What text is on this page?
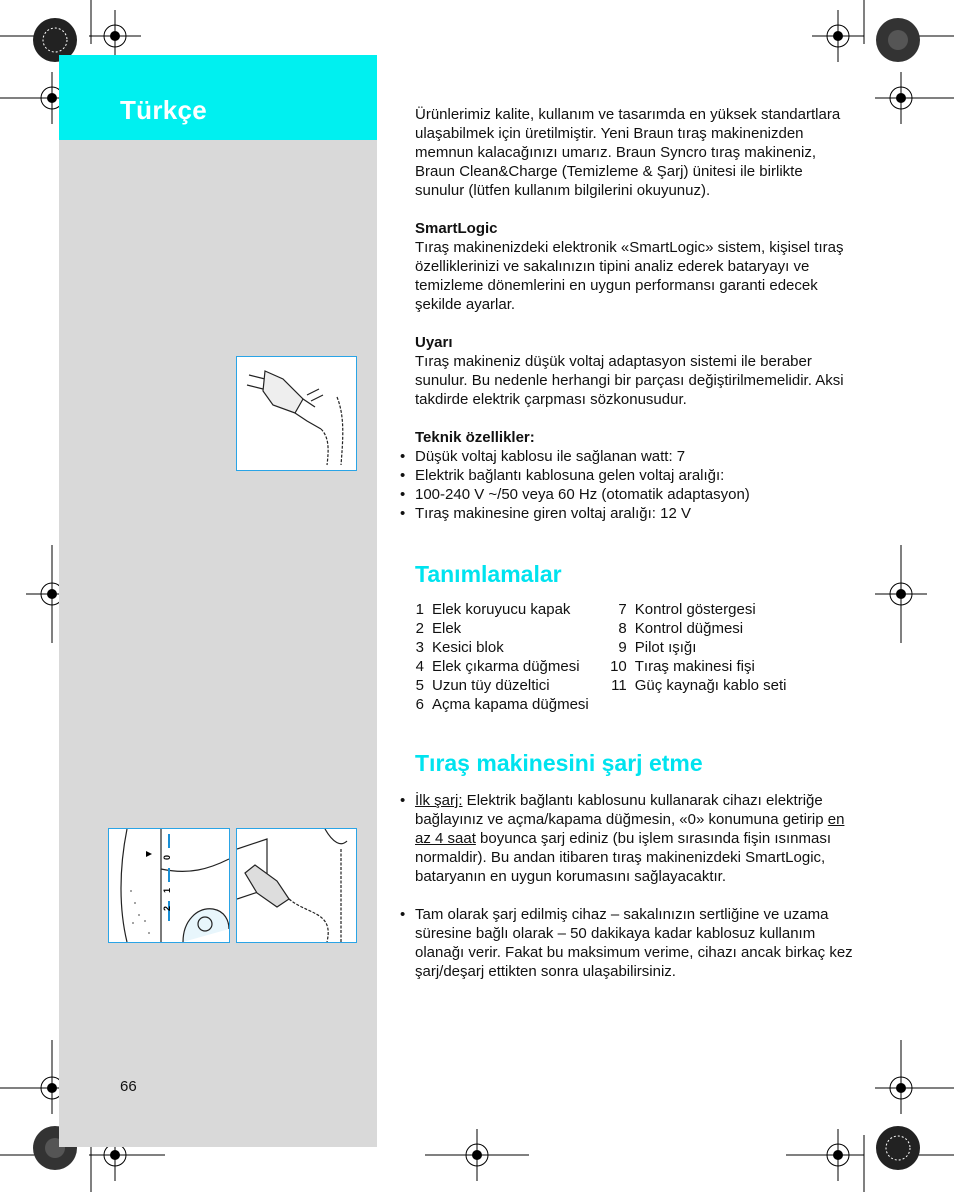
Türkçe
0
1
2
66

Ürünlerimiz kalite, kullanım ve tasarımda en yüksek standartlara ulaşabilmek için üretilmiştir. Yeni Braun tıraş makinenizden memnun kalacağınızı umarız. Braun Syncro tıraş makineniz, Braun Clean&Charge (Temizleme & Şarj) ünitesi ile birlikte sunulur (lütfen kullanım bilgilerini okuyunuz).

SmartLogic

Tıraş makinenizdeki elektronik «SmartLogic» sistem, kişisel tıraş özelliklerinizi ve sakalınızın tipini analiz ederek bataryayı ve temizleme dönemlerini en uygun performansı garanti edecek şekilde ayarlar.

Uyarı

Tıraş makineniz düşük voltaj adaptasyon sistemi ile beraber sunulur. Bu nedenle herhangi bir parçası değiştirilmemelidir. Aksi takdirde elektrik çarpması sözkonusudur.

Teknik özellikler:

• Düşük voltaj kablosu ile sağlanan watt: 7
• Elektrik bağlantı kablosuna gelen voltaj aralığı:
• 100-240 V ~/50 veya 60 Hz (otomatik adaptasyon)
• Tıraş makinesine giren voltaj aralığı: 12 V
Tanımlamalar
1 Elek koruyucu kapak
2 Elek
3 Kesici blok
4 Elek çıkarma düğmesi
5 Uzun tüy düzeltici
6 Açma kapama düğmesi
7 Kontrol göstergesi
8 Kontrol düğmesi
9 Pilot ışığı
10 Tıraş makinesi fişi
11 Güç kaynağı kablo seti
Tıraş makinesini şarj etme
• İlk şarj: Elektrik bağlantı kablosunu kullanarak cihazı elektriğe bağlayınız ve açma/kapama düğmesin, «0» konumuna getirip en az 4 saat boyunca şarj ediniz (bu işlem sırasında fişin ısınması normaldir). Bu andan itibaren tıraş makinenizdeki SmartLogic, bataryanın en uygun korumasını sağlayacaktır.
• Tam olarak şarj edilmiş cihaz – sakalınızın sertliğine ve uzama süresine bağlı olarak – 50 dakikaya kadar kablosuz kullanım olanağı verir. Fakat bu maksimum verime, cihazı ancak birkaç kez şarj/deşarj ettikten sonra ulaşabilirsiniz.
